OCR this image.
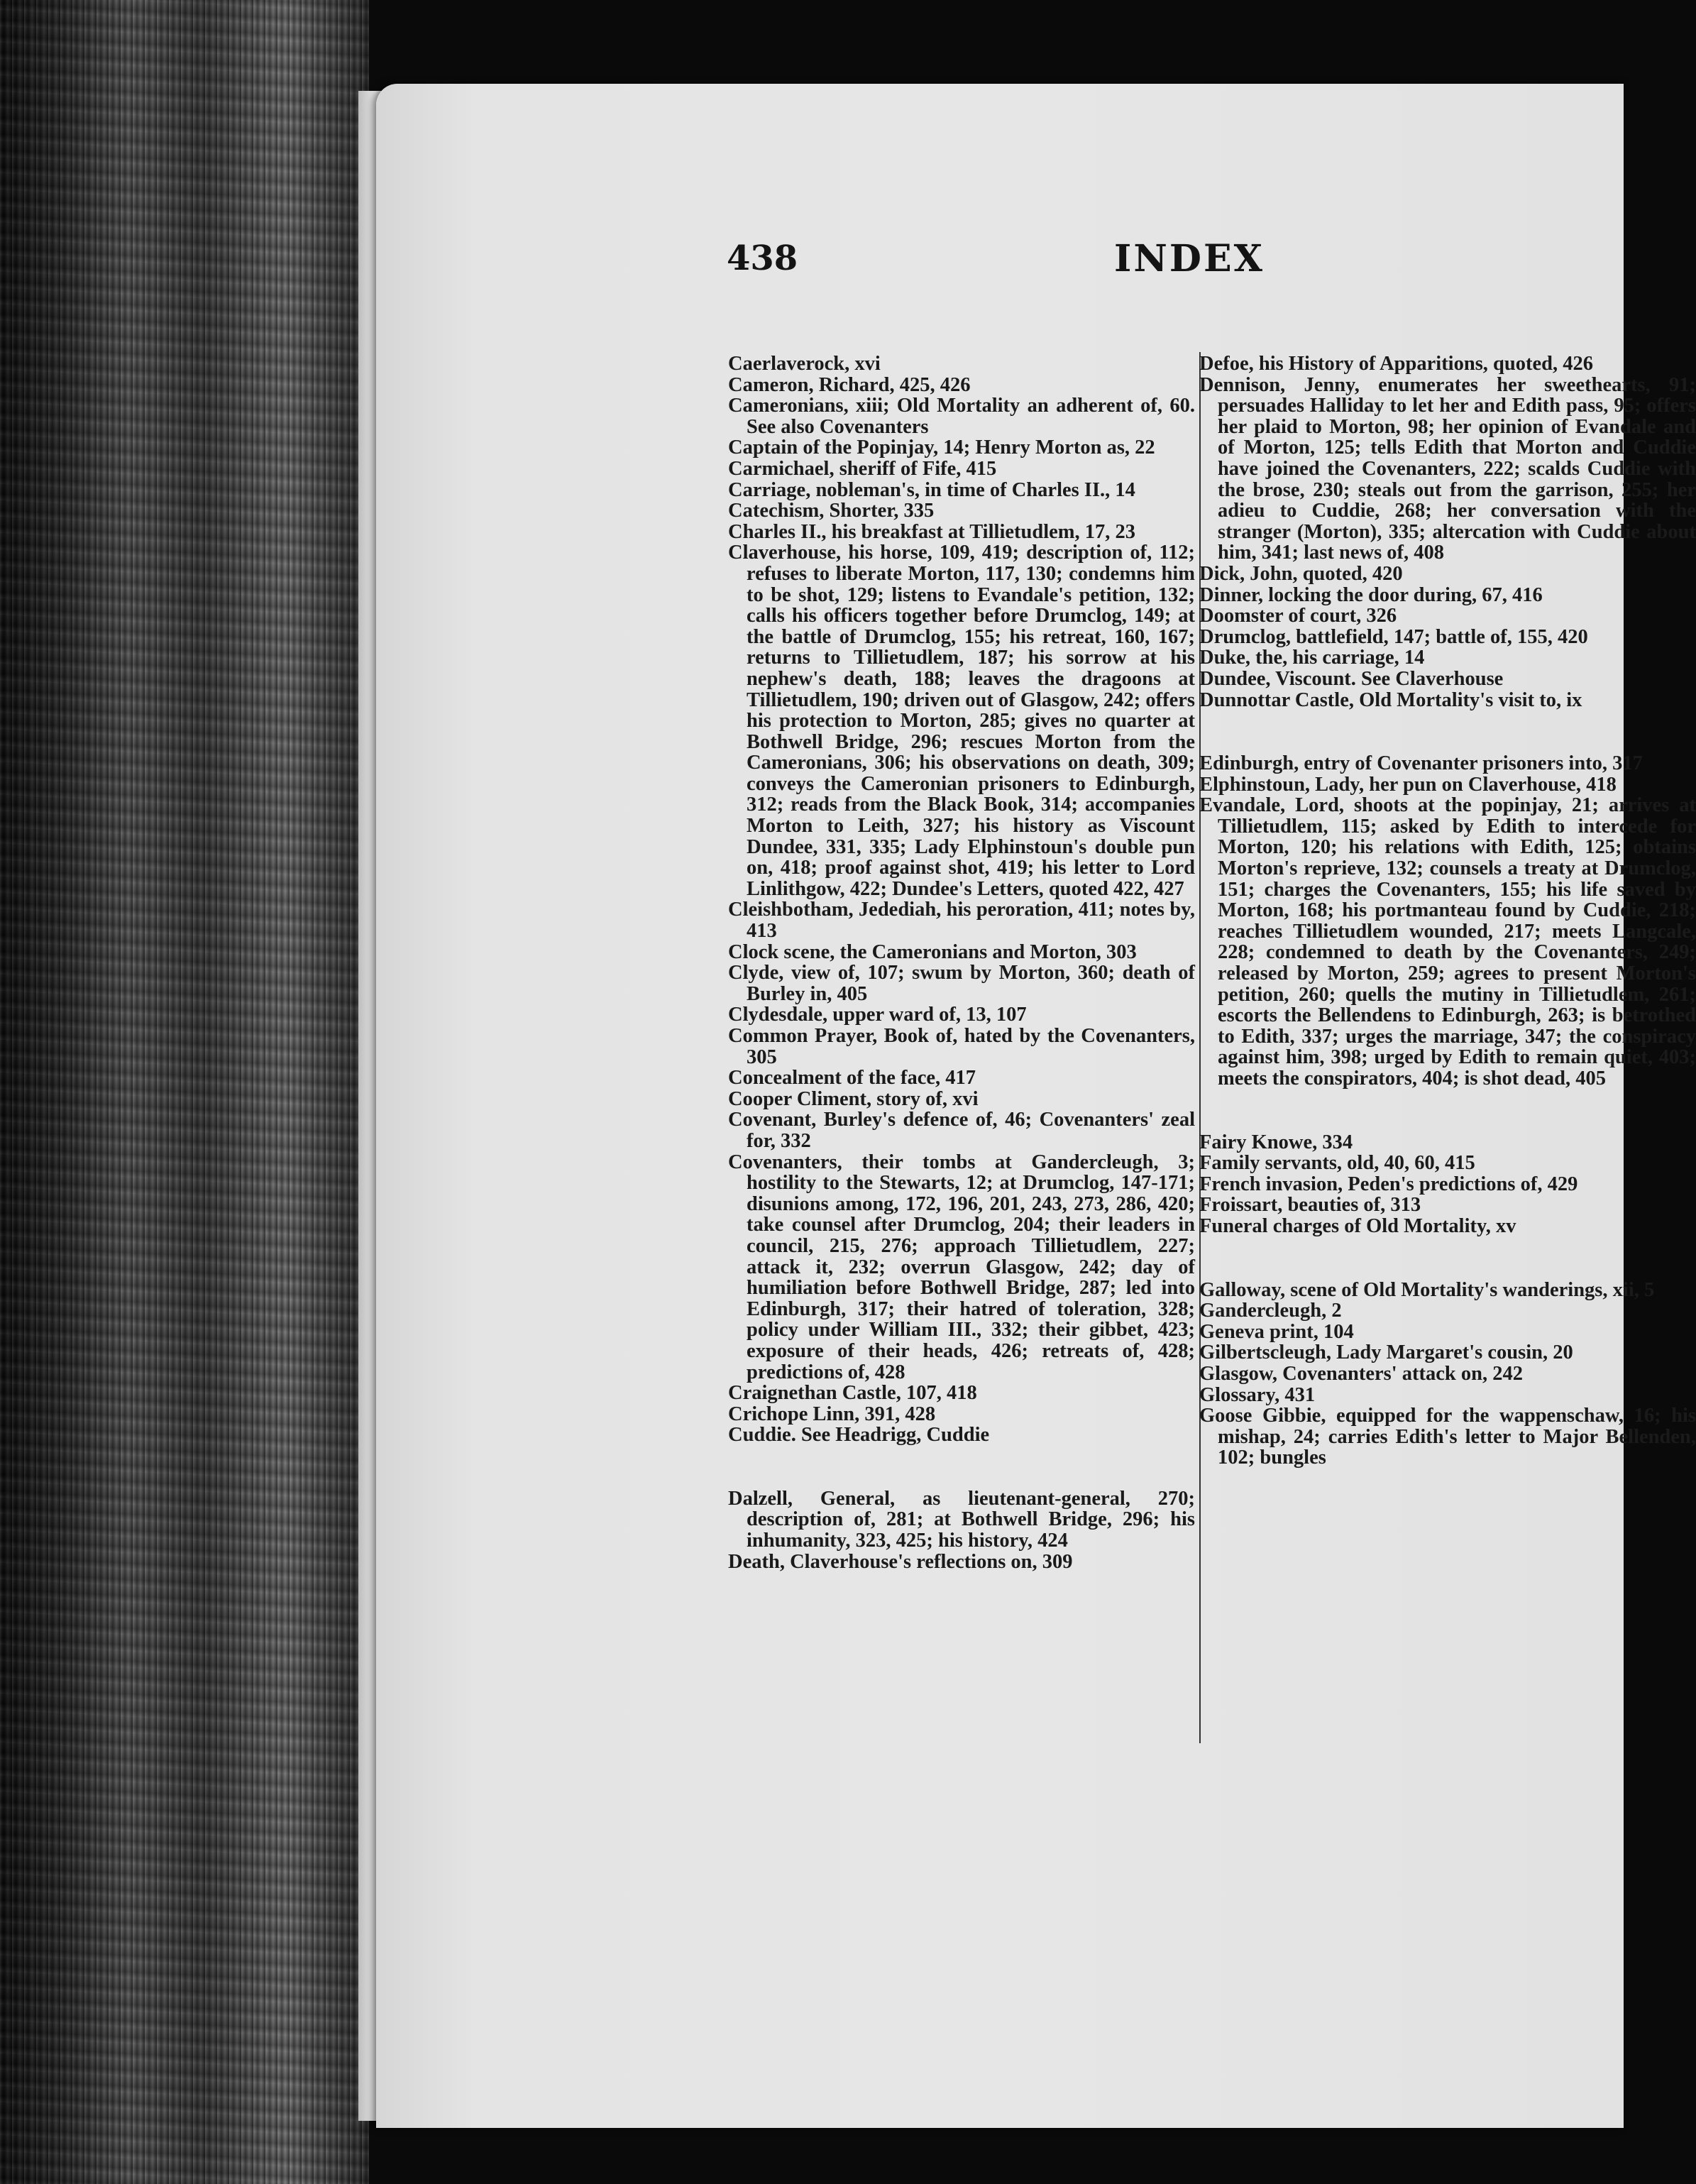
438	INDEX

Caerlaverock, xvi

Cameron, Richard, 425, 426

Cameronians, xiii; Old Mortality an adherent of, 60. See also Covenanters

Captain of the Popinjay, 14; Henry Morton as, 22

Carmichael, sheriff of Fife, 415

Carriage, nobleman's, in time of Charles II., 14

Catechism, Shorter, 335

Charles II., his breakfast at Tillietudlem, 17, 23

Claverhouse, his horse, 109, 419; description of, 112; refuses to liberate Morton, 117, 130; condemns him to be shot, 129; listens to Evandale's petition, 132; calls his officers together before Drumclog, 149; at the battle of Drumclog, 155; his retreat, 160, 167; returns to Tillietudlem, 187; his sorrow at his nephew's death, 188; leaves the dragoons at Tillietudlem, 190; driven out of Glasgow, 242; offers his protection to Morton, 285; gives no quarter at Bothwell Bridge, 296; rescues Morton from the Cameronians, 306; his observations on death, 309; conveys the Cameronian prisoners to Edinburgh, 312; reads from the Black Book, 314; accompanies Morton to Leith, 327; his history as Viscount Dundee, 331, 335; Lady Elphinstoun's double pun on, 418; proof against shot, 419; his letter to Lord Linlithgow, 422; Dundee's Letters, quoted 422, 427

Cleishbotham, Jedediah, his peroration, 411; notes by, 413

Clock scene, the Cameronians and Morton, 303

Clyde, view of, 107; swum by Morton, 360; death of Burley in, 405

Clydesdale, upper ward of, 13, 107

Common Prayer, Book of, hated by the Covenanters, 305

Concealment of the face, 417

Cooper Climent, story of, xvi

Covenant, Burley's defence of, 46; Covenanters' zeal for, 332

Covenanters, their tombs at Gandercleugh, 3; hostility to the Stewarts, 12; at Drumclog, 147-171; disunions among, 172, 196, 201, 243, 273, 286, 420; take counsel after Drumclog, 204; their leaders in council, 215, 276; approach Tillietudlem, 227; attack it, 232; overrun Glasgow, 242; day of humiliation before Bothwell Bridge, 287; led into Edinburgh, 317; their hatred of toleration, 328; policy under William III., 332; their gibbet, 423; exposure of their heads, 426; retreats of, 428; predictions of, 428

Craignethan Castle, 107, 418

Crichope Linn, 391, 428

Cuddie. See Headrigg, Cuddie

Dalzell, General, as lieutenant-general, 270; description of, 281; at Bothwell Bridge, 296; his inhumanity, 323, 425; his history, 424

Death, Claverhouse's reflections on, 309

Defoe, his History of Apparitions, quoted, 426

Dennison, Jenny, enumerates her sweethearts, 91; persuades Halliday to let her and Edith pass, 95; offers her plaid to Morton, 98; her opinion of Evandale and of Morton, 125; tells Edith that Morton and Cuddie have joined the Covenanters, 222; scalds Cuddie with the brose, 230; steals out from the garrison, 255; her adieu to Cuddie, 268; her conversation with the stranger (Morton), 335; altercation with Cuddie about him, 341; last news of, 408

Dick, John, quoted, 420

Dinner, locking the door during, 67, 416

Doomster of court, 326

Drumclog, battlefield, 147; battle of, 155, 420

Duke, the, his carriage, 14

Dundee, Viscount. See Claverhouse

Dunnottar Castle, Old Mortality's visit to, ix

Edinburgh, entry of Covenanter prisoners into, 317

Elphinstoun, Lady, her pun on Claverhouse, 418

Evandale, Lord, shoots at the popinjay, 21; arrives at Tillietudlem, 115; asked by Edith to intercede for Morton, 120; his relations with Edith, 125; obtains Morton's reprieve, 132; counsels a treaty at Drumclog, 151; charges the Covenanters, 155; his life saved by Morton, 168; his portmanteau found by Cuddie, 218; reaches Tillietudlem wounded, 217; meets Langcale, 228; condemned to death by the Covenanters, 249; released by Morton, 259; agrees to present Morton's petition, 260; quells the mutiny in Tillietudlem, 261; escorts the Bellendens to Edinburgh, 263; is betrothed to Edith, 337; urges the marriage, 347; the conspiracy against him, 398; urged by Edith to remain quiet, 403; meets the conspirators, 404; is shot dead, 405

Fairy Knowe, 334

Family servants, old, 40, 60, 415

French invasion, Peden's predictions of, 429

Froissart, beauties of, 313

Funeral charges of Old Mortality, xv

Galloway, scene of Old Mortality's wanderings, xii, 5

Gandercleugh, 2

Geneva print, 104

Gilbertscleugh, Lady Margaret's cousin, 20

Glasgow, Covenanters' attack on, 242

Glossary, 431

Goose Gibbie, equipped for the wappenschaw, 16; his mishap, 24; carries Edith's letter to Major Bellenden, 102; bungles
